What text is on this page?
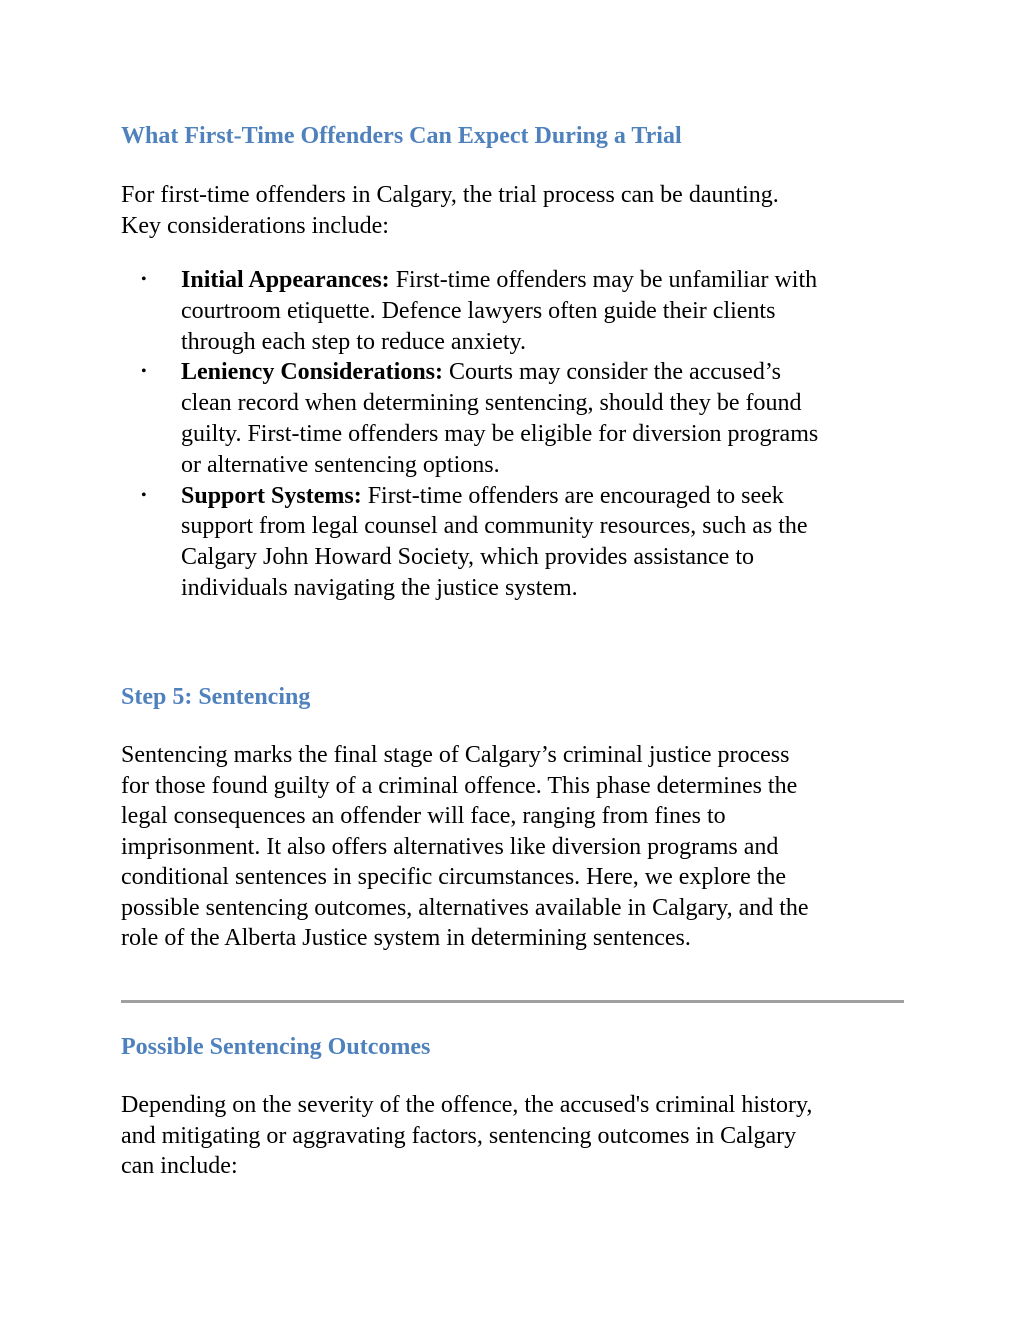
What First-Time Offenders Can Expect During a Trial

For first-time offenders in Calgary, the trial process can be daunting.
Key considerations include:

• Initial Appearances: First-time offenders may be unfamiliar with
courtroom etiquette. Defence lawyers often guide their clients
through each step to reduce anxiety.
• Leniency Considerations: Courts may consider the accused’s
clean record when determining sentencing, should they be found
guilty. First-time offenders may be eligible for diversion programs
or alternative sentencing options.
• Support Systems: First-time offenders are encouraged to seek
support from legal counsel and community resources, such as the
Calgary John Howard Society, which provides assistance to
individuals navigating the justice system.
Step 5: Sentencing

Sentencing marks the final stage of Calgary’s criminal justice process
for those found guilty of a criminal offence. This phase determines the
legal consequences an offender will face, ranging from fines to
imprisonment. It also offers alternatives like diversion programs and
conditional sentences in specific circumstances. Here, we explore the
possible sentencing outcomes, alternatives available in Calgary, and the
role of the Alberta Justice system in determining sentences.

Possible Sentencing Outcomes

Depending on the severity of the offence, the accused's criminal history,
and mitigating or aggravating factors, sentencing outcomes in Calgary
can include:
